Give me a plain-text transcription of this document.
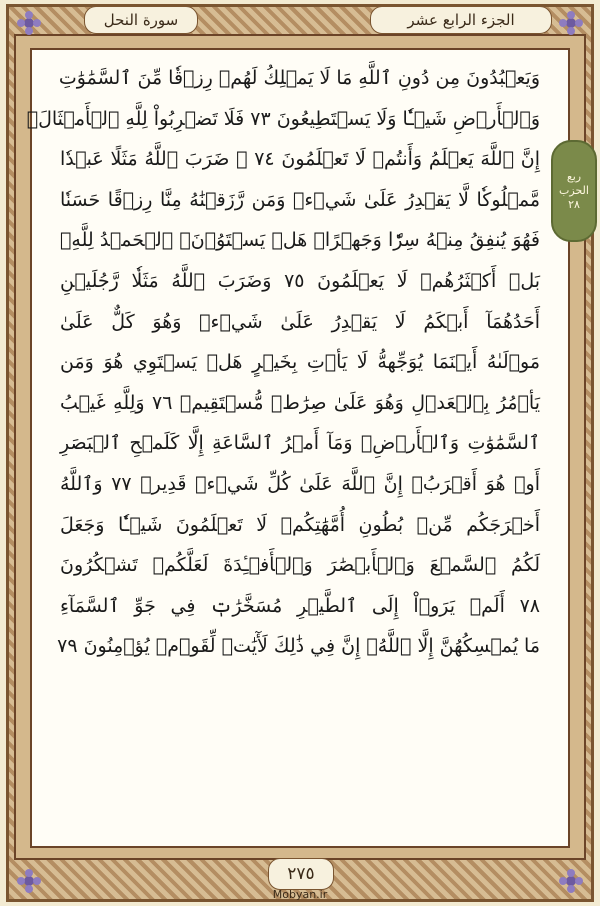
الجزء الرابع عشر
سورة النحل
ربع
الحزب
٢٨
وَيَعۡبُدُونَ مِن دُونِ ٱللَّهِ مَا لَا يَمۡلِكُ لَهُمۡ رِزۡقٗا مِّنَ ٱلسَّمَٰوَٰتِ
وَٱلۡأَرۡضِ شَيۡـٔٗا وَلَا يَسۡتَطِيعُونَ ٧٣ فَلَا تَضۡرِبُواْ لِلَّهِ ٱلۡأَمۡثَالَۚ
إِنَّ ٱللَّهَ يَعۡلَمُ وَأَنتُمۡ لَا تَعۡلَمُونَ ٧٤ ۞ ضَرَبَ ٱللَّهُ مَثَلًا عَبۡدٗا
مَّمۡلُوكٗا لَّا يَقۡدِرُ عَلَىٰ شَيۡءٖ وَمَن رَّزَقۡنَٰهُ مِنَّا رِزۡقًا حَسَنٗا
فَهُوَ يُنفِقُ مِنۡهُ سِرّٗا وَجَهۡرًاۖ هَلۡ يَسۡتَوُۥنَۚ ٱلۡحَمۡدُ لِلَّهِۚ
بَلۡ أَكۡثَرُهُمۡ لَا يَعۡلَمُونَ ٧٥ وَضَرَبَ ٱللَّهُ مَثَلٗا رَّجُلَيۡنِ
أَحَدُهُمَآ أَبۡكَمُ لَا يَقۡدِرُ عَلَىٰ شَيۡءٖ وَهُوَ كَلٌّ عَلَىٰ
مَوۡلَىٰهُ أَيۡنَمَا يُوَجِّههُّ لَا يَأۡتِ بِخَيۡرٍ هَلۡ يَسۡتَوِي هُوَ وَمَن
يَأۡمُرُ بِٱلۡعَدۡلِ وَهُوَ عَلَىٰ صِرَٰطٖ مُّسۡتَقِيمٖ ٧٦ وَلِلَّهِ غَيۡبُ
ٱلسَّمَٰوَٰتِ وَٱلۡأَرۡضِۚ وَمَآ أَمۡرُ ٱلسَّاعَةِ إِلَّا كَلَمۡحِ ٱلۡبَصَرِ
أَوۡ هُوَ أَقۡرَبُۚ إِنَّ ٱللَّهَ عَلَىٰ كُلِّ شَيۡءٖ قَدِيرٞ ٧٧ وَٱللَّهُ
أَخۡرَجَكُم مِّنۢ بُطُونِ أُمَّهَٰتِكُمۡ لَا تَعۡلَمُونَ شَيۡـٔٗا وَجَعَلَ
لَكُمُ ٱلسَّمۡعَ وَٱلۡأَبۡصَٰرَ وَٱلۡأَفۡـِٔدَةَ لَعَلَّكُمۡ تَشۡكُرُونَ
٧٨ أَلَمۡ يَرَوۡاْ إِلَى ٱلطَّيۡرِ مُسَخَّرَٰتٖ فِي جَوِّ ٱلسَّمَآءِ
مَا يُمۡسِكُهُنَّ إِلَّا ٱللَّهُۚ إِنَّ فِي ذَٰلِكَ لَأٓيَٰتٖ لِّقَوۡمٖ يُؤۡمِنُونَ ٧٩
٢٧٥
Mobyan.ir
